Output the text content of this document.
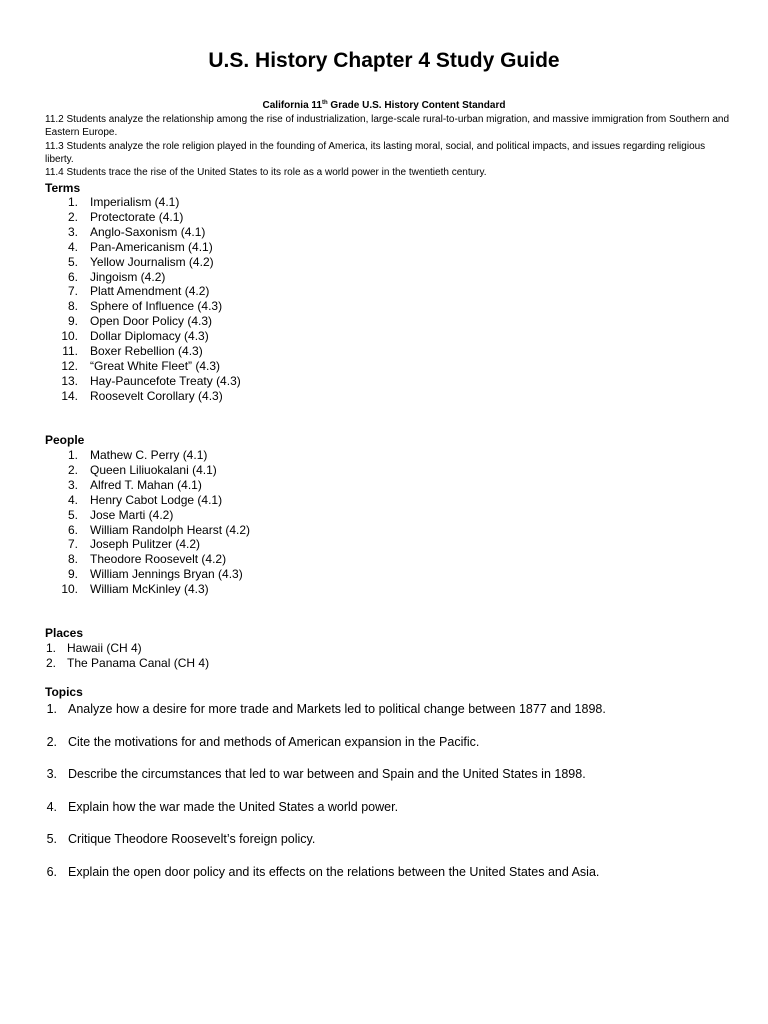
U.S. History Chapter 4 Study Guide
California 11th Grade U.S. History Content Standard

11.2 Students analyze the relationship among the rise of industrialization, large-scale rural-to-urban migration, and massive immigration from Southern and Eastern Europe.

11.3 Students analyze the role religion played in the founding of America, its lasting moral, social, and political impacts, and issues regarding religious liberty.

11.4 Students trace the rise of the United States to its role as a world power in the twentieth century.

Terms
1. Imperialism (4.1)
2. Protectorate (4.1)
3. Anglo-Saxonism (4.1)
4. Pan-Americanism (4.1)
5. Yellow Journalism (4.2)
6. Jingoism (4.2)
7. Platt Amendment (4.2)
8. Sphere of Influence (4.3)
9. Open Door Policy (4.3)
10. Dollar Diplomacy (4.3)
11. Boxer Rebellion (4.3)
12. “Great White Fleet” (4.3)
13. Hay-Pauncefote Treaty (4.3)
14. Roosevelt Corollary (4.3)
People
1. Mathew C. Perry (4.1)
2. Queen Liliuokalani (4.1)
3. Alfred T. Mahan (4.1)
4. Henry Cabot Lodge (4.1)
5. Jose Marti (4.2)
6. William Randolph Hearst (4.2)
7. Joseph Pulitzer (4.2)
8. Theodore Roosevelt (4.2)
9. William Jennings Bryan (4.3)
10. William McKinley (4.3)
Places
1. Hawaii (CH 4)
2. The Panama Canal (CH 4)
Topics
1. Analyze how a desire for more trade and Markets led to political change between 1877 and 1898.
2. Cite the motivations for and methods of American expansion in the Pacific.
3. Describe the circumstances that led to war between and Spain and the United States in 1898.
4. Explain how the war made the United States a world power.
5. Critique Theodore Roosevelt’s foreign policy.
6. Explain the open door policy and its effects on the relations between the United States and Asia.
